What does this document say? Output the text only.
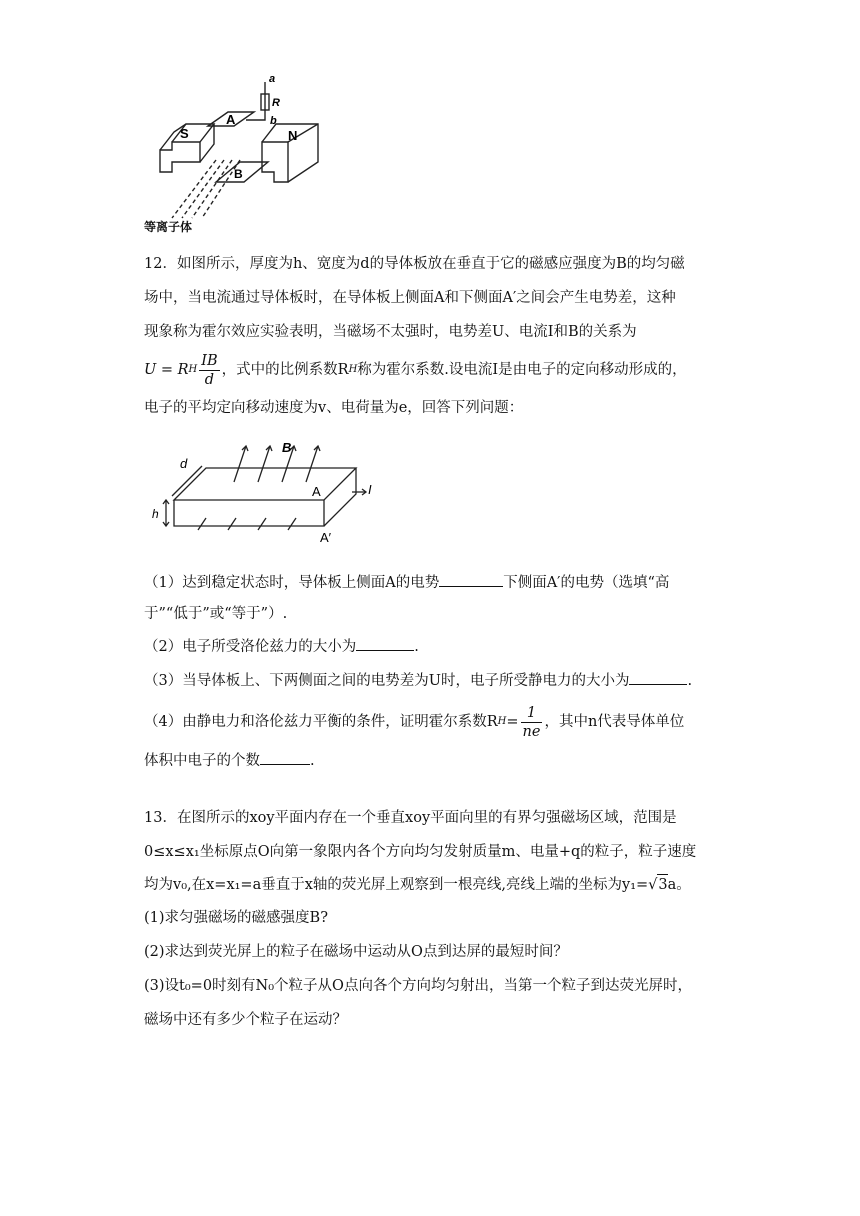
a
R
b
S	N
A
B
等离子体
12．如图所示，厚度为h、宽度为d的导体板放在垂直于它的磁感应强度为B的均匀磁
场中，当电流通过导体板时，在导体板上侧面A和下侧面A′之间会产生电势差，这种
现象称为霍尔效应实验表明，当磁场不太强时，电势差U、电流I和B的关系为
U = R H $\frac{IB}{d}$ ，式中的比例系数R H 称为霍尔系数.设电流I是由电子的定向移动形成的，
电子的平均定向移动速度为v、电荷量为e，回答下列问题：
d
B
A	I
h
A′
（1）达到稳定状态时，导体板上侧面A的电势	下侧面A′的电势（选填“高
于”“低于”或“等于”）.
（2）电子所受洛伦兹力的大小为	.
（3）当导体板上、下两侧面之间的电势差为U时，电子所受静电力的大小为	.
（4）由静电力和洛伦兹力平衡的条件，证明霍尔系数R $H = \frac{1}{ne}$ ，其中n代表导体单位
体积中电子的个数	.
13．在图所示的xoy平面内存在一个垂直xoy平面向里的有界匀强磁场区域，范围是
0≤x≤x₁坐标原点O向第一象限内各个方向均匀发射质量m、电量+q的粒子，粒子速度
均为v₀,在x=x₁=a垂直于x轴的荧光屏上观察到一根亮线,亮线上端的坐标为y₁=√3a。
(1)求匀强磁场的磁感强度B?
(2)求达到荧光屏上的粒子在磁场中运动从O点到达屏的最短时间？
(3)设t₀=0时刻有N₀个粒子从O点向各个方向均匀射出，当第一个粒子到达荧光屏时，
磁场中还有多少个粒子在运动？
